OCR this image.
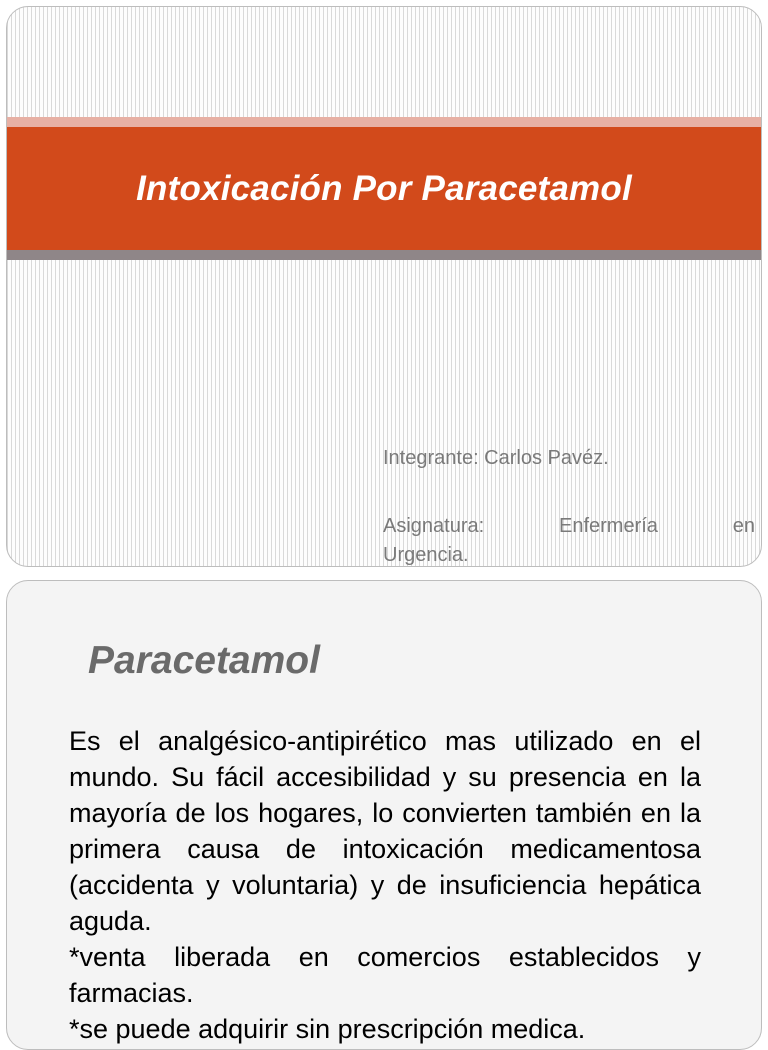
Intoxicación Por Paracetamol
Integrante: Carlos Pavéz.
Asignatura:	Enfermería	en
Urgencia.
Paracetamol

Es el analgésico-antipirético mas utilizado en el mundo. Su fácil accesibilidad y su presencia en la mayoría de los hogares, lo convierten también en la primera causa de intoxicación medicamentosa (accidenta y voluntaria) y de insuficiencia hepática aguda.

*venta liberada en comercios establecidos y farmacias.

*se puede adquirir sin prescripción medica.
